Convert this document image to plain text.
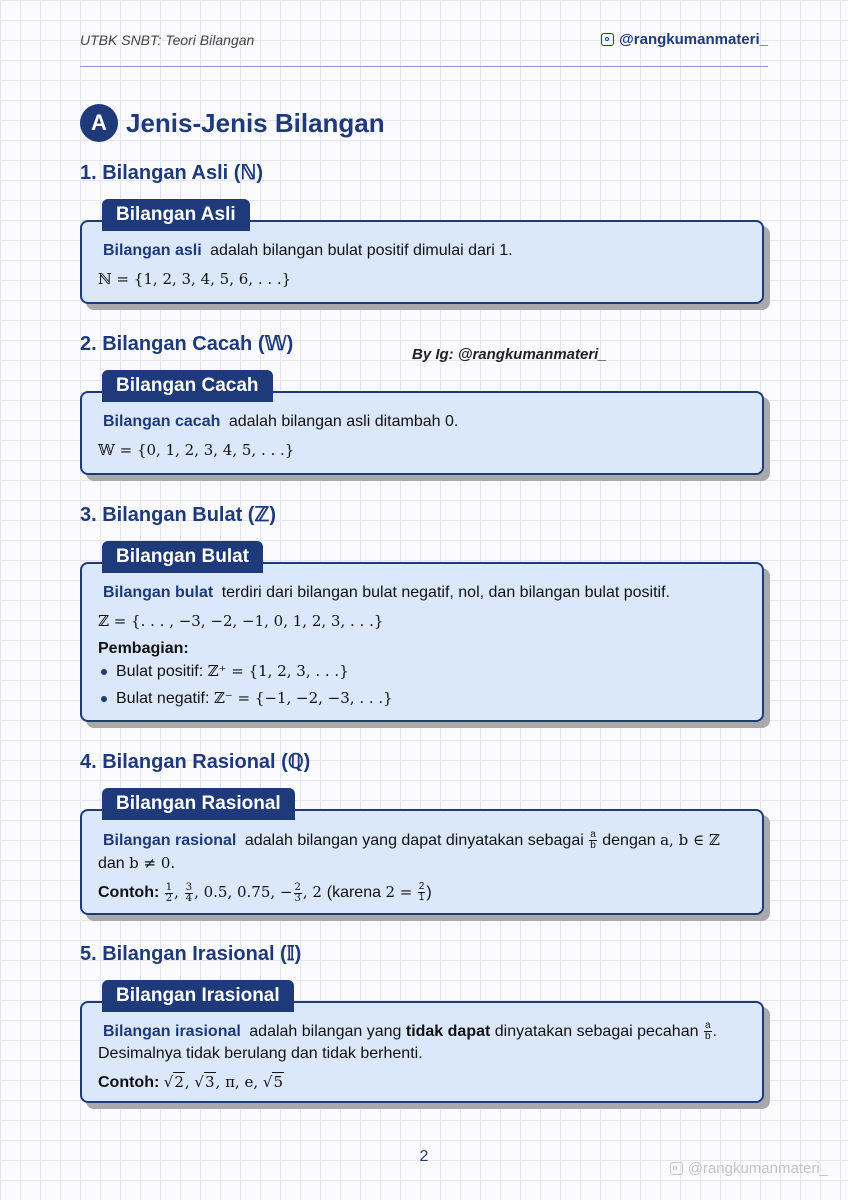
UTBK SNBT: Teori Bilangan	@rangkumanmateri_
A Jenis-Jenis Bilangan
1. Bilangan Asli (ℕ)
Bilangan Asli
Bilangan asli adalah bilangan bulat positif dimulai dari 1.
ℕ = {1, 2, 3, 4, 5, 6, . . .}
2. Bilangan Cacah (𝕎)	By Ig: @rangkumanmateri_
Bilangan Cacah
Bilangan cacah adalah bilangan asli ditambah 0.
𝕎 = {0, 1, 2, 3, 4, 5, . . .}
3. Bilangan Bulat (ℤ)
Bilangan Bulat
Bilangan bulat terdiri dari bilangan bulat negatif, nol, dan bilangan bulat positif.
ℤ = {. . . , −3, −2, −1, 0, 1, 2, 3, . . .}
Pembagian:
Bulat positif: ℤ⁺ = {1, 2, 3, . . .}
Bulat negatif: ℤ⁻ = {−1, −2, −3, . . .}
4. Bilangan Rasional (ℚ)
Bilangan Rasional
Bilangan rasional adalah bilangan yang dapat dinyatakan sebagai $\frac{a}{b}$ dengan a, b ∈ ℤ
dan b ≠ 0.
Contoh: $\frac{1}{2}$ , $\frac{3}{4}$ , 0.5, 0.75, − $\frac{2}{3}$ , 2 (karena $2 = \frac{2}{1}$ )
5. Bilangan Irasional (𝕀)
Bilangan Irasional
Bilangan irasional adalah bilangan yang tidak dapat dinyatakan sebagai pecahan $\frac{a}{b}$ .
Desimalnya tidak berulang dan tidak berhenti.
Contoh: √2, √3, π, e, √5
2
@rangkumanmateri_
